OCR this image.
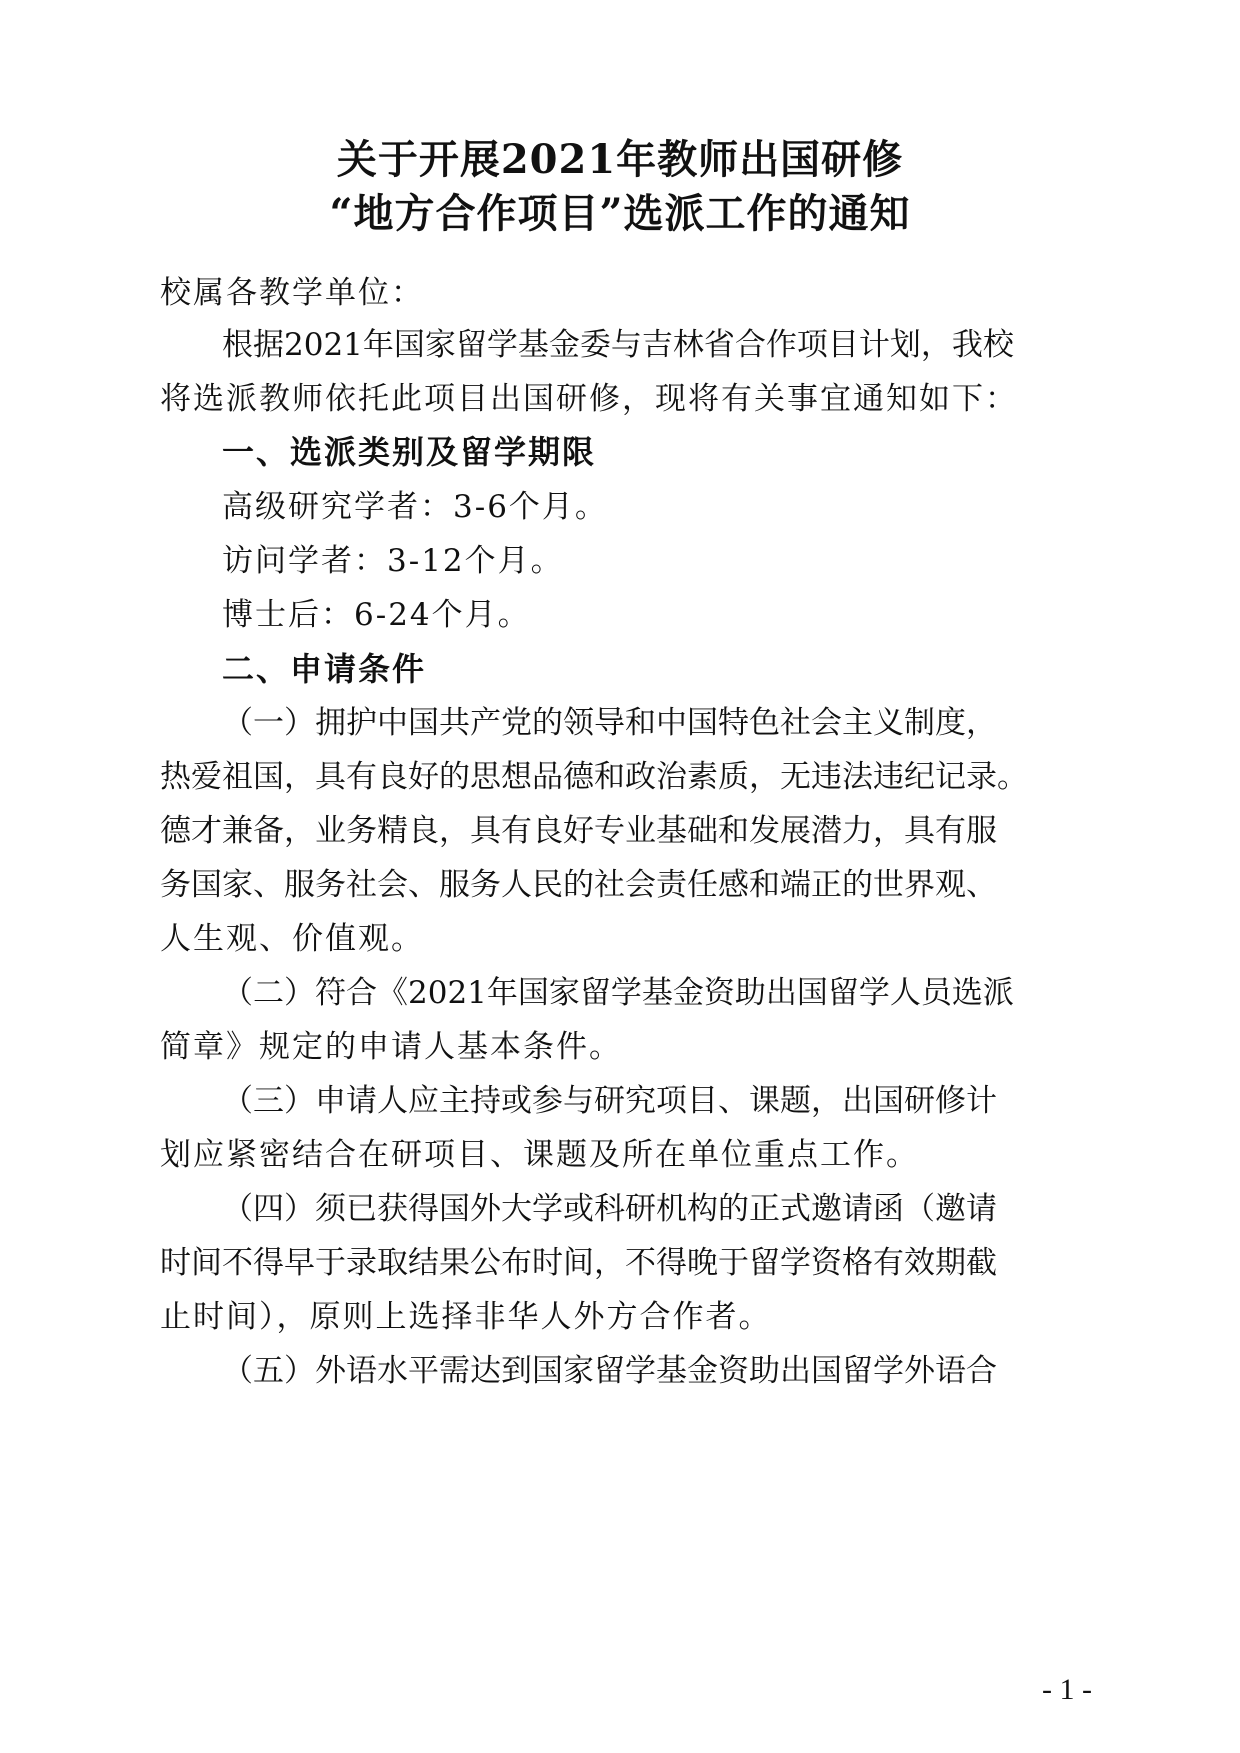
关于开展2021年教师出国研修
“地方合作项目”选派工作的通知
校属各教学单位：
根据2021年国家留学基金委与吉林省合作项目计划，我校
将选派教师依托此项目出国研修，现将有关事宜通知如下：
一、选派类别及留学期限
高级研究学者：3-6个月。
访问学者：3-12个月。
博士后：6-24个月。
二、申请条件
（一）拥护中国共产党的领导和中国特色社会主义制度，
热爱祖国，具有良好的思想品德和政治素质，无违法违纪记录。
德才兼备，业务精良，具有良好专业基础和发展潜力，具有服
务国家、服务社会、服务人民的社会责任感和端正的世界观、
人生观、价值观。
（二）符合《2021年国家留学基金资助出国留学人员选派
简章》规定的申请人基本条件。
（三）申请人应主持或参与研究项目、课题，出国研修计
划应紧密结合在研项目、课题及所在单位重点工作。
（四）须已获得国外大学或科研机构的正式邀请函（邀请
时间不得早于录取结果公布时间，不得晚于留学资格有效期截
止时间），原则上选择非华人外方合作者。
（五）外语水平需达到国家留学基金资助出国留学外语合
- 1 -
